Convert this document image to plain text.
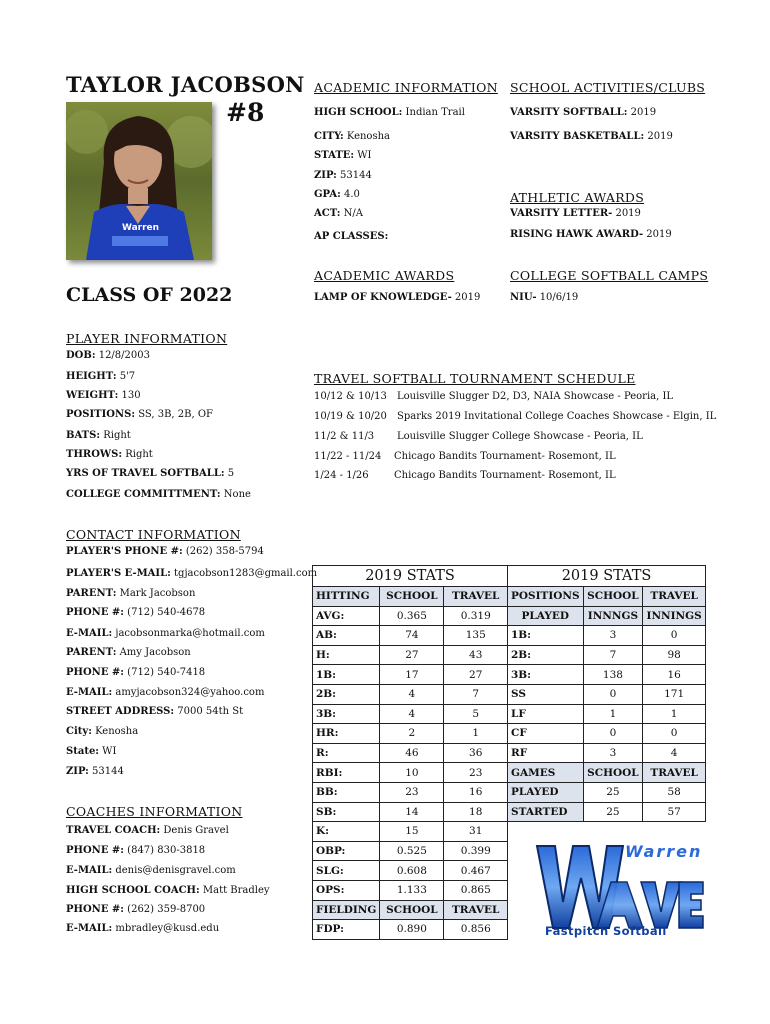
TAYLOR JACOBSON
#8
Warren
CLASS OF 2022
ACADEMIC INFORMATION
HIGH SCHOOL: Indian Trail
CITY: Kenosha
STATE: WI
ZIP: 53144
GPA: 4.0
ACT: N/A
AP CLASSES:
SCHOOL ACTIVITIES/CLUBS
VARSITY SOFTBALL: 2019
VARSITY BASKETBALL: 2019
ATHLETIC AWARDS
VARSITY LETTER- 2019
RISING HAWK AWARD- 2019
ACADEMIC AWARDS
LAMP OF KNOWLEDGE- 2019
COLLEGE SOFTBALL CAMPS
NIU- 10/6/19
PLAYER INFORMATION
DOB: 12/8/2003
HEIGHT: 5'7
WEIGHT: 130
POSITIONS: SS, 3B, 2B, OF
BATS: Right
THROWS: Right
YRS OF TRAVEL SOFTBALL: 5
COLLEGE COMMITTMENT: None
TRAVEL SOFTBALL TOURNAMENT SCHEDULE
10/12 & 10/13 Louisville Slugger D2, D3, NAIA Showcase - Peoria, IL
10/19 & 10/20 Sparks 2019 Invitational College Coaches Showcase - Elgin, IL
11/2 & 11/3 Louisville Slugger College Showcase - Peoria, IL
11/22 - 11/24 Chicago Bandits Tournament- Rosemont, IL
1/24 - 1/26	Chicago Bandits Tournament- Rosemont, IL
CONTACT INFORMATION
PLAYER'S PHONE #: (262) 358-5794
PLAYER'S E-MAIL: tgjacobson1283@gmail.com
PARENT: Mark Jacobson
PHONE #: (712) 540-4678
E-MAIL: jacobsonmarka@hotmail.com
PARENT: Amy Jacobson
PHONE #: (712) 540-7418
E-MAIL: amyjacobson324@yahoo.com
STREET ADDRESS: 7000 54th St
City: Kenosha
State: WI
ZIP: 53144
COACHES INFORMATION
TRAVEL COACH: Denis Gravel
PHONE #: (847) 830-3818
E-MAIL: denis@denisgravel.com
HIGH SCHOOL COACH: Matt Bradley
PHONE #: (262) 359-8700
E-MAIL: mbradley@kusd.edu
2019 STATS		
HITTING	SCHOOL	TRAVEL
AVG:	0.365	0.319
AB:	74	135
H:	27	43
1B:	17	27
2B:	4	7
3B:	4	5
HR:	2	1
R:	46	36
RBI:	10	23
BB:	23	16
SB:	14	18
K:	15	31
OBP:	0.525	0.399
SLG:	0.608	0.467
OPS:	1.133	0.865
FIELDING	SCHOOL	TRAVEL
FDP:	0.890	0.856
2019 STATS		
POSITIONS	SCHOOL	TRAVEL
PLAYED	INNNGS	INNINGS
1B:	3	0
2B:	7	98
3B:	138	16
SS	0	171
LF	1	1
CF	0	0
RF	3	4
GAMES	SCHOOL	TRAVEL
PLAYED	25	58
STARTED	25	57
Warren
Fastpitch Softball
